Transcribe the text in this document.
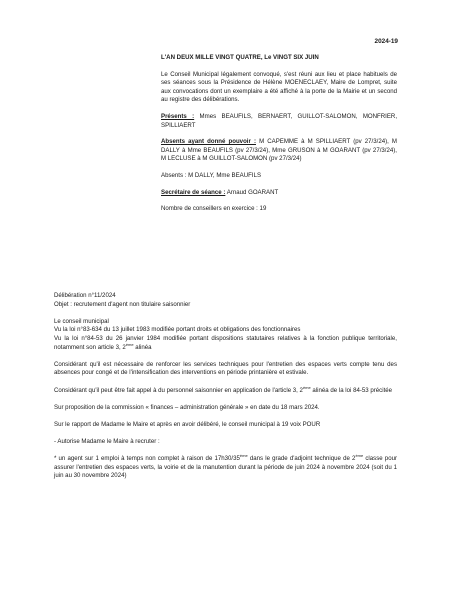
2024-19

L'AN DEUX MILLE VINGT QUATRE, Le VINGT SIX JUIN

Le Conseil Municipal légalement convoqué, s'est réuni aux lieu et place habituels de ses séances sous la Présidence de Hélène MOENECLAEY, Maire de Lompret, suite aux convocations dont un exemplaire a été affiché à la porte de la Mairie et un second au registre des délibérations.

Présents : Mmes BEAUFILS, BERNAERT, GUILLOT-SALOMON, MONFRIER, SPILLIAERT

Absents ayant donné pouvoir : M CAPEMME à M SPILLIAERT (pv 27/3/24), M DALLY à Mme BEAUFILS (pv 27/3/24), Mme GRUSON à M GOARANT (pv 27/3/24), M LECLUSE à M GUILLOT-SALOMON (pv 27/3/24)

Absents : M DALLY, Mme BEAUFILS

Secrétaire de séance : Arnaud GOARANT

Nombre de conseillers en exercice : 19

Délibération n°11/2024

Objet : recrutement d'agent non titulaire saisonnier

Le conseil municipal

Vu la loi n°83-634 du 13 juillet 1983 modifiée portant droits et obligations des fonctionnaires

Vu la loi n°84-53 du 26 janvier 1984 modifiée portant dispositions statutaires relatives à la fonction publique territoriale, notamment son article 3, 2ème alinéa

Considérant qu'il est nécessaire de renforcer les services techniques pour l'entretien des espaces verts compte tenu des absences pour congé et de l'intensification des interventions en période printanière et estivale.

Considérant qu'il peut être fait appel à du personnel saisonnier en application de l'article 3, 2ème alinéa de la loi 84-53 précitée

Sur proposition de la commission « finances – administration générale » en date du 18 mars 2024.

Sur le rapport de Madame le Maire et après en avoir délibéré, le conseil municipal à 19 voix POUR

- Autorise Madame le Maire à recruter :

* un agent sur 1 emploi à temps non complet à raison de 17h30/35ème dans le grade d'adjoint technique de 2ème classe pour assurer l'entretien des espaces verts, la voirie et de la manutention durant la période de juin 2024 à novembre 2024 (soit du 1 juin au 30 novembre 2024)
